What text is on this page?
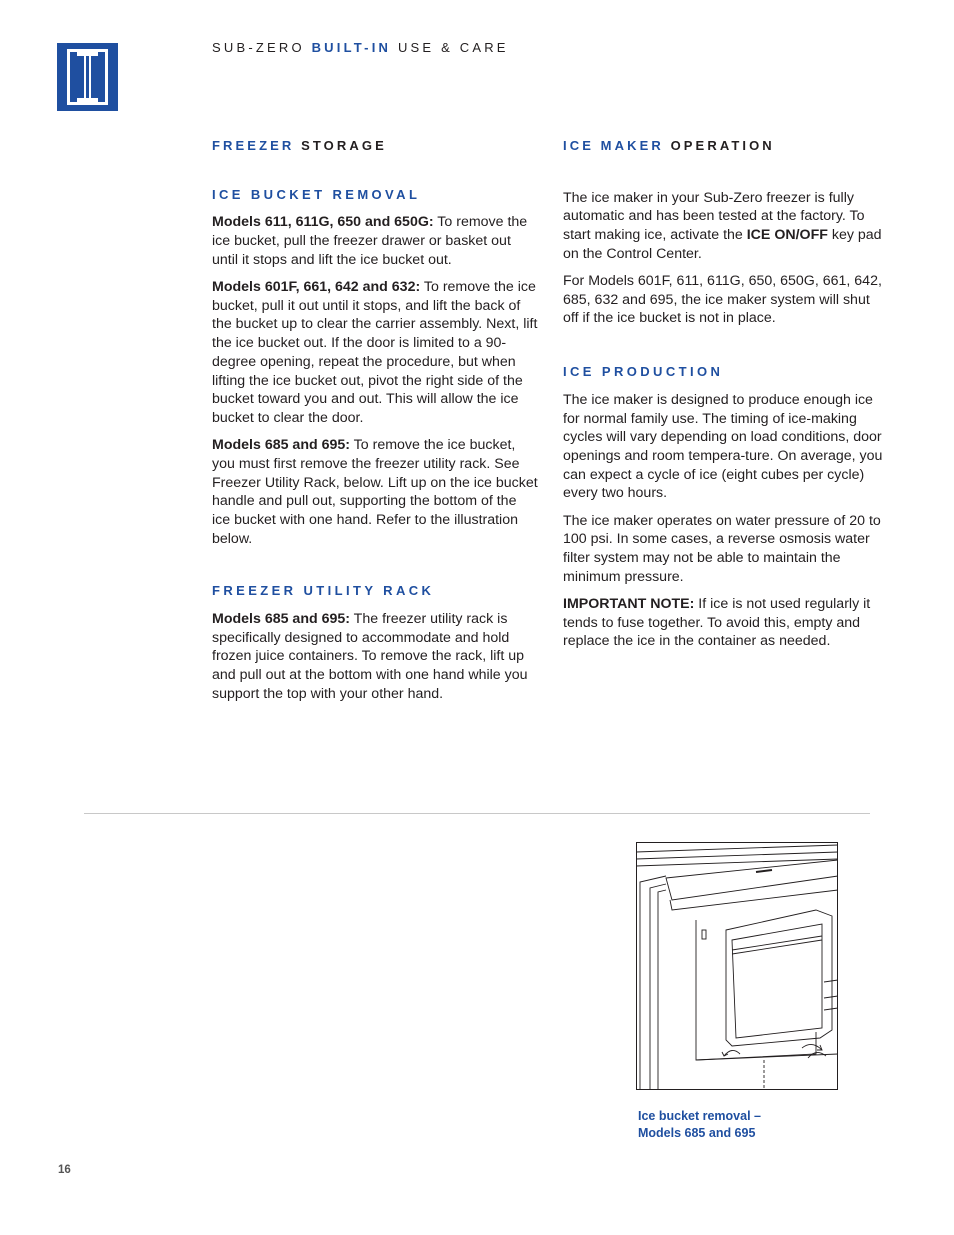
SUB-ZERO BUILT-IN USE & CARE
FREEZER STORAGE
ICE BUCKET REMOVAL

Models 611, 611G, 650 and 650G: To remove the ice bucket, pull the freezer drawer or basket out until it stops and lift the ice bucket out.

Models 601F, 661, 642 and 632: To remove the ice bucket, pull it out until it stops, and lift the back of the bucket up to clear the carrier assembly. Next, lift the ice bucket out. If the door is limited to a 90-degree opening, repeat the procedure, but when lifting the ice bucket out, pivot the right side of the bucket toward you and out. This will allow the ice bucket to clear the door.

Models 685 and 695: To remove the ice bucket, you must first remove the freezer utility rack. See Freezer Utility Rack, below. Lift up on the ice bucket handle and pull out, supporting the bottom of the ice bucket with one hand. Refer to the illustration below.

FREEZER UTILITY RACK

Models 685 and 695: The freezer utility rack is specifically designed to accommodate and hold frozen juice containers. To remove the rack, lift up and pull out at the bottom with one hand while you support the top with your other hand.

ICE MAKER OPERATION

The ice maker in your Sub-Zero freezer is fully automatic and has been tested at the factory. To start making ice, activate the ICE ON/OFF key pad on the Control Center.

For Models 601F, 611, 611G, 650, 650G, 661, 642, 685, 632 and 695, the ice maker system will shut off if the ice bucket is not in place.

ICE PRODUCTION

The ice maker is designed to produce enough ice for normal family use. The timing of ice-making cycles will vary depending on load conditions, door openings and room tempera-ture. On average, you can expect a cycle of ice (eight cubes per cycle) every two hours.

The ice maker operates on water pressure of 20 to 100 psi. In some cases, a reverse osmosis water filter system may not be able to maintain the minimum pressure.

IMPORTANT NOTE: If ice is not used regularly it tends to fuse together. To avoid this, empty and replace the ice in the container as needed.

Ice bucket removal –
Models 685 and 695
16
